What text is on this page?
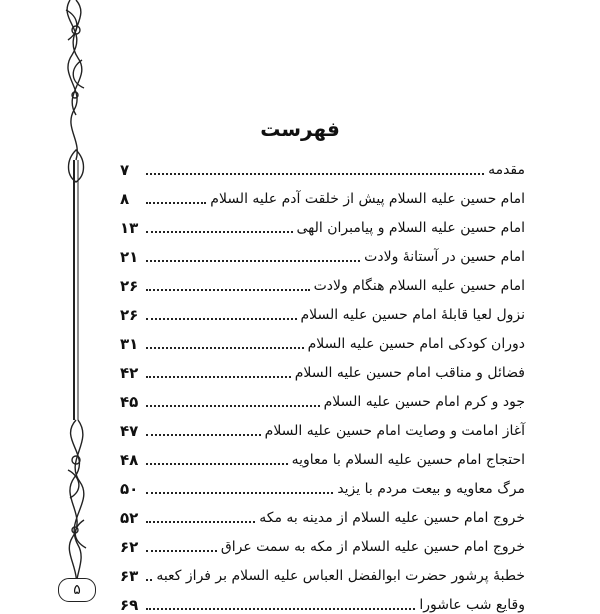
فهرست
مقدمه
۷
امام حسین علیه السلام پیش از خلقت آدم علیه السلام
۸
امام حسین علیه السلام و پیامبران الهی
۱۳
امام حسین در آستانهٔ ولادت
۲۱
امام حسین علیه السلام هنگام ولادت
۲۶
نزول لعیا قابلهٔ امام حسین علیه السلام
۲۶
دوران کودکی امام حسین علیه السلام
۳۱
فضائل و مناقب امام حسین علیه السلام
۴۲
جود و کرم امام حسین علیه السلام
۴۵
آغاز امامت و وصایت امام حسین علیه السلام
۴۷
احتجاج امام حسین علیه السلام با معاویه
۴۸
مرگ معاویه و بیعت مردم با یزید
۵۰
خروج امام حسین علیه السلام از مدینه به مکه
۵۲
خروج امام حسین علیه السلام از مکه به سمت عراق
۶۲
خطبهٔ پرشور حضرت ابوالفضل العباس علیه السلام بر فراز کعبه
۶۳
وقایع شب عاشورا
۶۹
۵
